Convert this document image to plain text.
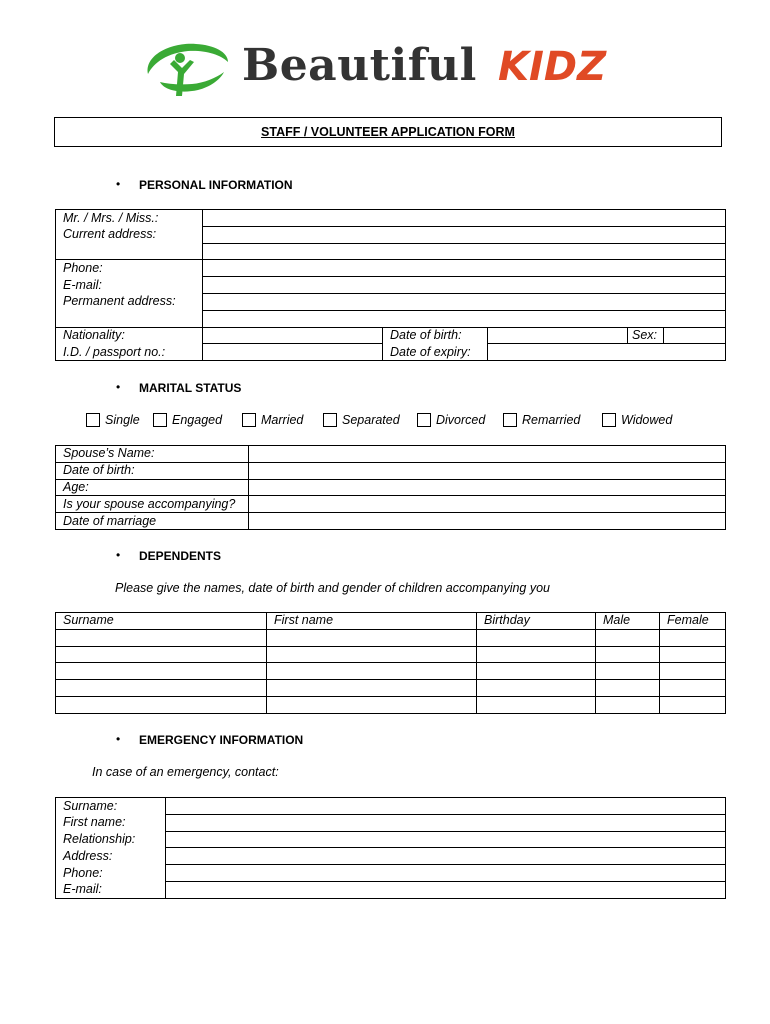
Beautiful KIDZ
STAFF / VOLUNTEER APPLICATION FORM
• PERSONAL INFORMATION
Mr. / Mrs. / Miss.:					
Current address:					

Phone:					
E-mail:					
Permanent address:					

Nationality:		Date of birth:		Sex:	
I.D. / passport no.:		Date of expiry:			
• MARITAL STATUS
Single	Engaged	Married	Separated	Divorced	Remarried	Widowed
Spouse’s Name:	
Date of birth:	
Age:	
Is your spouse accompanying?	
Date of marriage	
• DEPENDENTS
Please give the names, date of birth and gender of children accompanying you
Surname	First name	Birthday	Male	Female

• EMERGENCY INFORMATION
In case of an emergency, contact:
Surname:	
First name:	
Relationship:	
Address:	
Phone:	
E-mail:	
